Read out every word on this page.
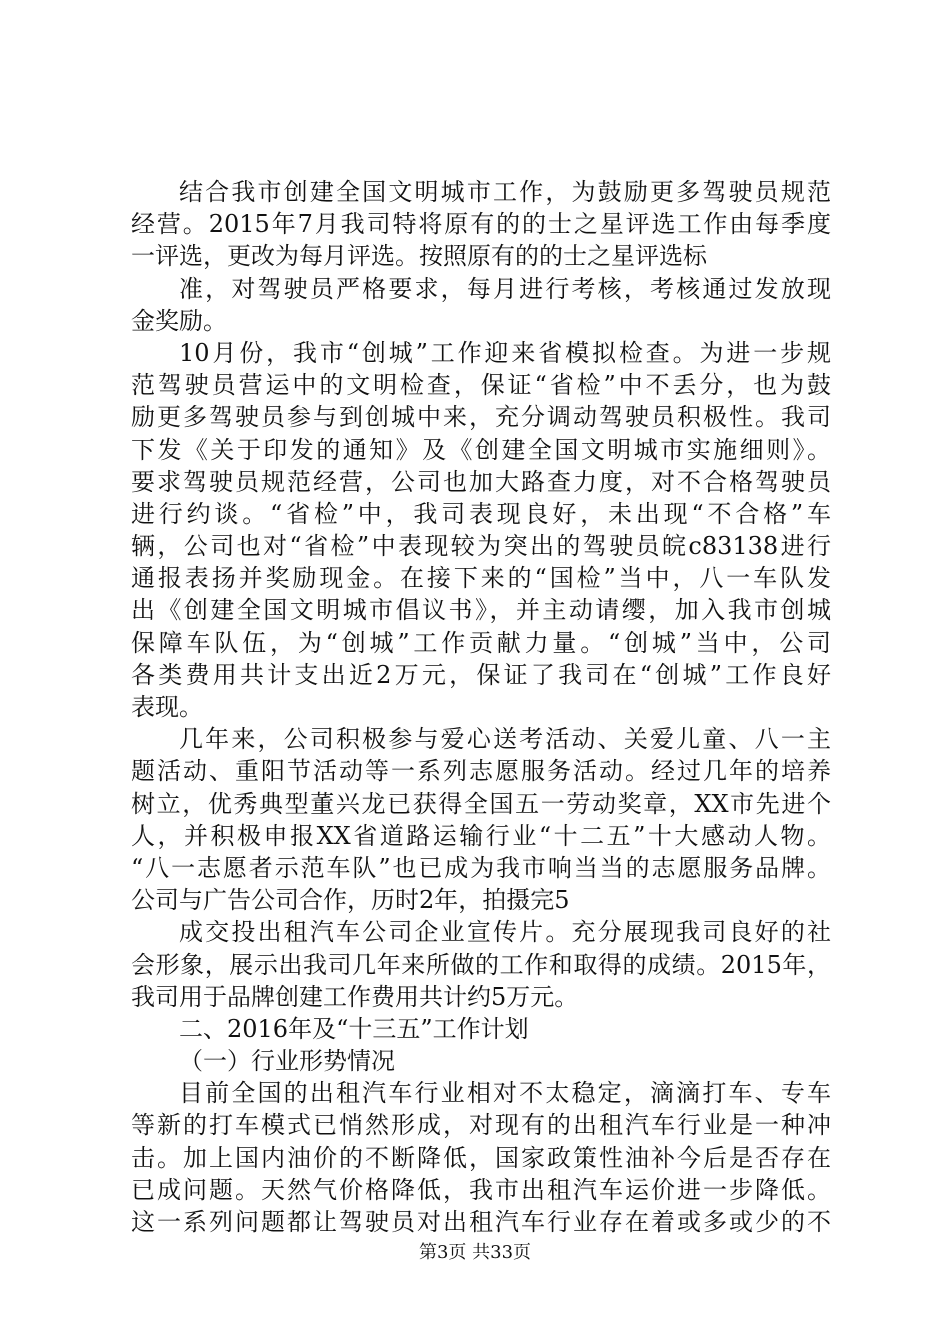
结合我市创建全国文明城市工作，为鼓励更多驾驶员规范
经营。2015年7月我司特将原有的的士之星评选工作由每季度
一评选，更改为每月评选。按照原有的的士之星评选标
准，对驾驶员严格要求，每月进行考核，考核通过发放现
金奖励。
10月份，我市“创城”工作迎来省模拟检查。为进一步规
范驾驶员营运中的文明检查，保证“省检”中不丢分，也为鼓
励更多驾驶员参与到创城中来，充分调动驾驶员积极性。我司
下发《关于印发的通知》及《创建全国文明城市实施细则》。
要求驾驶员规范经营，公司也加大路查力度，对不合格驾驶员
进行约谈。“省检”中，我司表现良好，未出现“不合格”车
辆，公司也对“省检”中表现较为突出的驾驶员皖c83138进行
通报表扬并奖励现金。在接下来的“国检”当中，八一车队发
出《创建全国文明城市倡议书》，并主动请缨，加入我市创城
保障车队伍，为“创城”工作贡献力量。“创城”当中，公司
各类费用共计支出近2万元，保证了我司在“创城”工作良好
表现。
几年来，公司积极参与爱心送考活动、关爱儿童、八一主
题活动、重阳节活动等一系列志愿服务活动。经过几年的培养
树立，优秀典型董兴龙已获得全国五一劳动奖章，XX市先进个
人，并积极申报XX省道路运输行业“十二五”十大感动人物。
“八一志愿者示范车队”也已成为我市响当当的志愿服务品牌。
公司与广告公司合作，历时2年，拍摄完5
成交投出租汽车公司企业宣传片。充分展现我司良好的社
会形象，展示出我司几年来所做的工作和取得的成绩。2015年，
我司用于品牌创建工作费用共计约5万元。
二、2016年及“十三五”工作计划
（一）行业形势情况
目前全国的出租汽车行业相对不太稳定，滴滴打车、专车
等新的打车模式已悄然形成，对现有的出租汽车行业是一种冲
击。加上国内油价的不断降低，国家政策性油补今后是否存在
已成问题。天然气价格降低，我市出租汽车运价进一步降低。
这一系列问题都让驾驶员对出租汽车行业存在着或多或少的不
第3页 共33页
